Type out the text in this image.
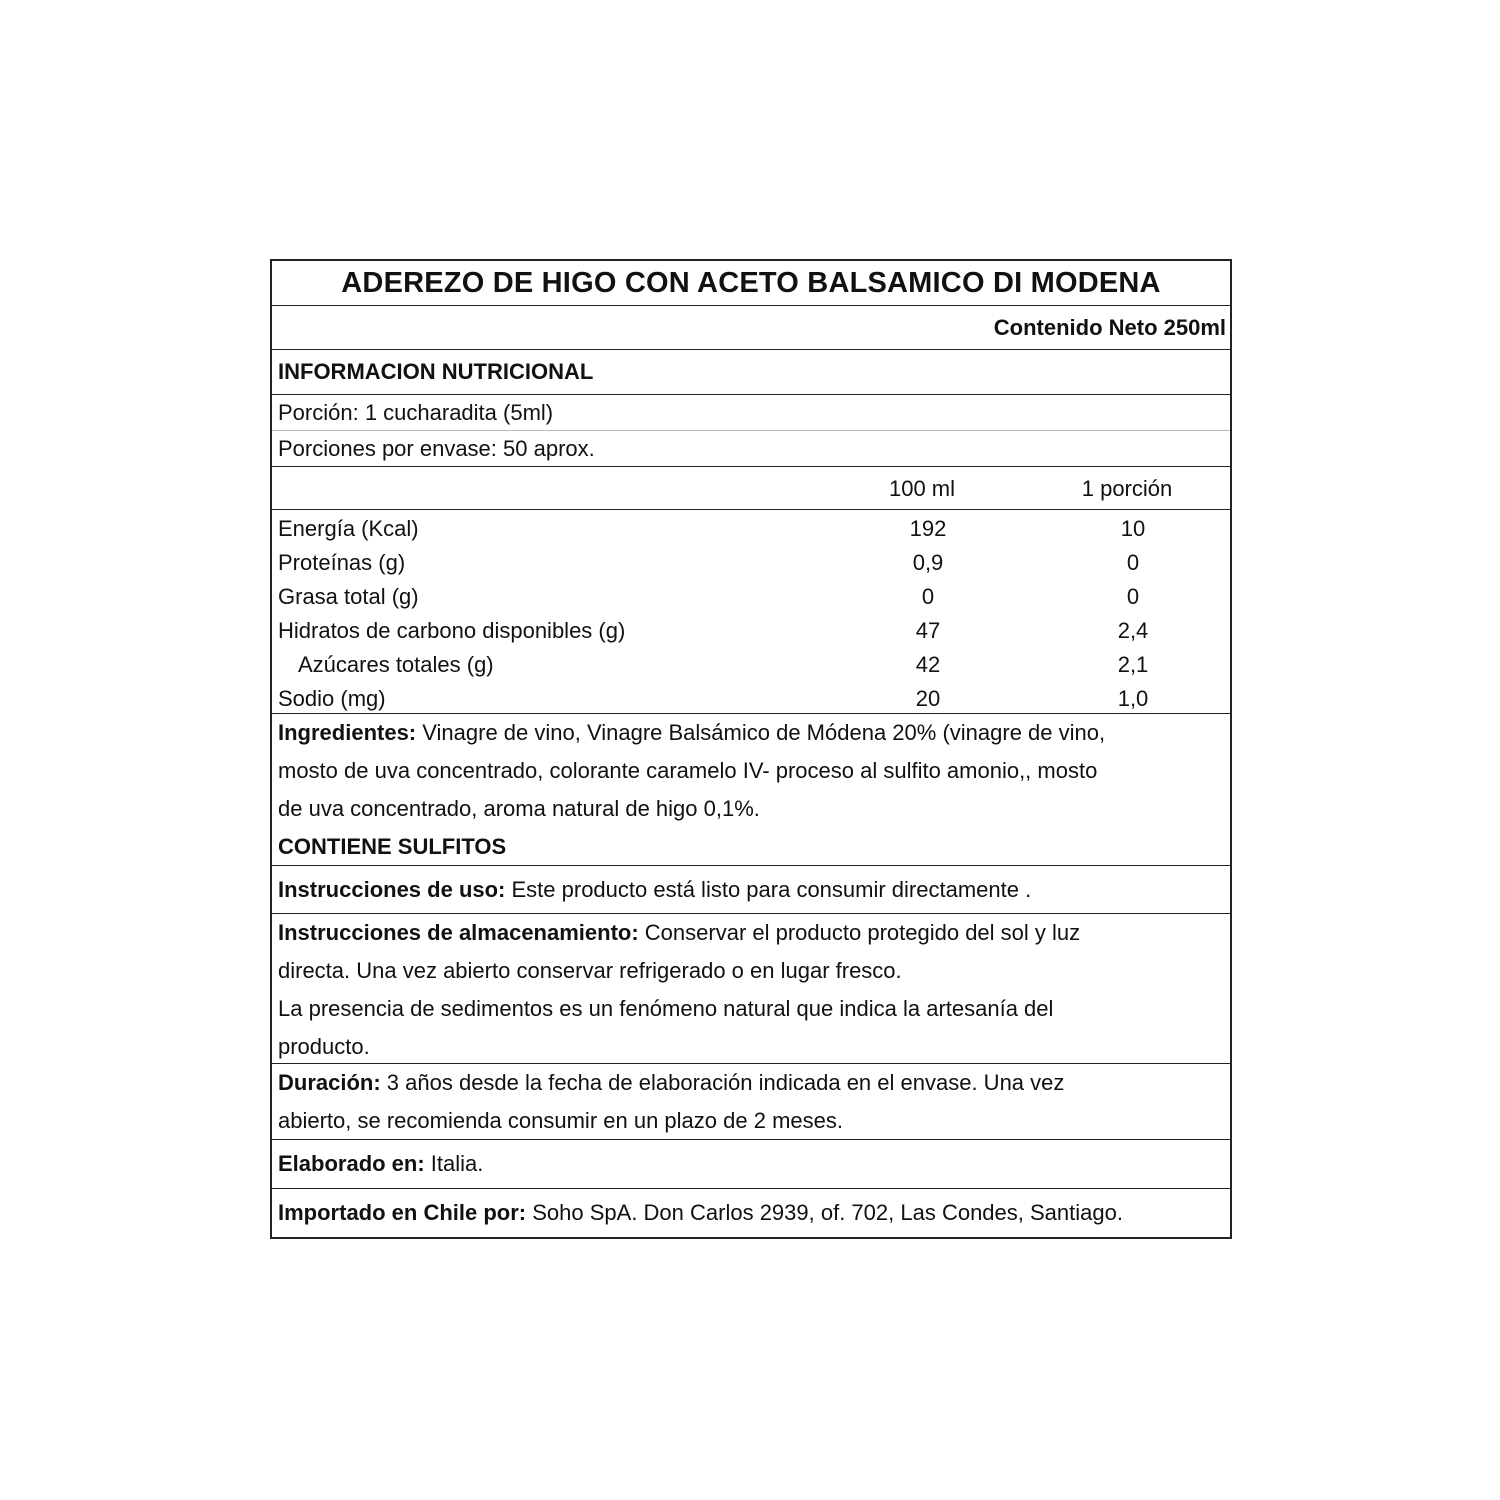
ADEREZO DE HIGO CON ACETO BALSAMICO DI MODENA
Contenido Neto 250ml
INFORMACION NUTRICIONAL
Porción: 1 cucharadita (5ml)
Porciones por envase: 50 aprox.
100 ml	1 porción
Energía (Kcal)	192	10
Proteínas (g)	0,9	0
Grasa total (g)	0	0
Hidratos de carbono disponibles (g)	47	2,4
Azúcares totales (g)	42	2,1
Sodio (mg)	20	1,0
Ingredientes: Vinagre de vino, Vinagre Balsámico de Módena 20% (vinagre de vino,
mosto de uva concentrado, colorante caramelo IV- proceso al sulfito amonio,, mosto
de uva concentrado, aroma natural de higo 0,1%.
CONTIENE SULFITOS
Instrucciones de uso: Este producto está listo para consumir directamente .
Instrucciones de almacenamiento: Conservar el producto protegido del sol y luz
directa. Una vez abierto conservar refrigerado o en lugar fresco.
La presencia de sedimentos es un fenómeno natural que indica la artesanía del
producto.
Duración: 3 años desde la fecha de elaboración indicada en el envase. Una vez
abierto, se recomienda consumir en un plazo de 2 meses.
Elaborado en: Italia.
Importado en Chile por: Soho SpA. Don Carlos 2939, of. 702, Las Condes, Santiago.
